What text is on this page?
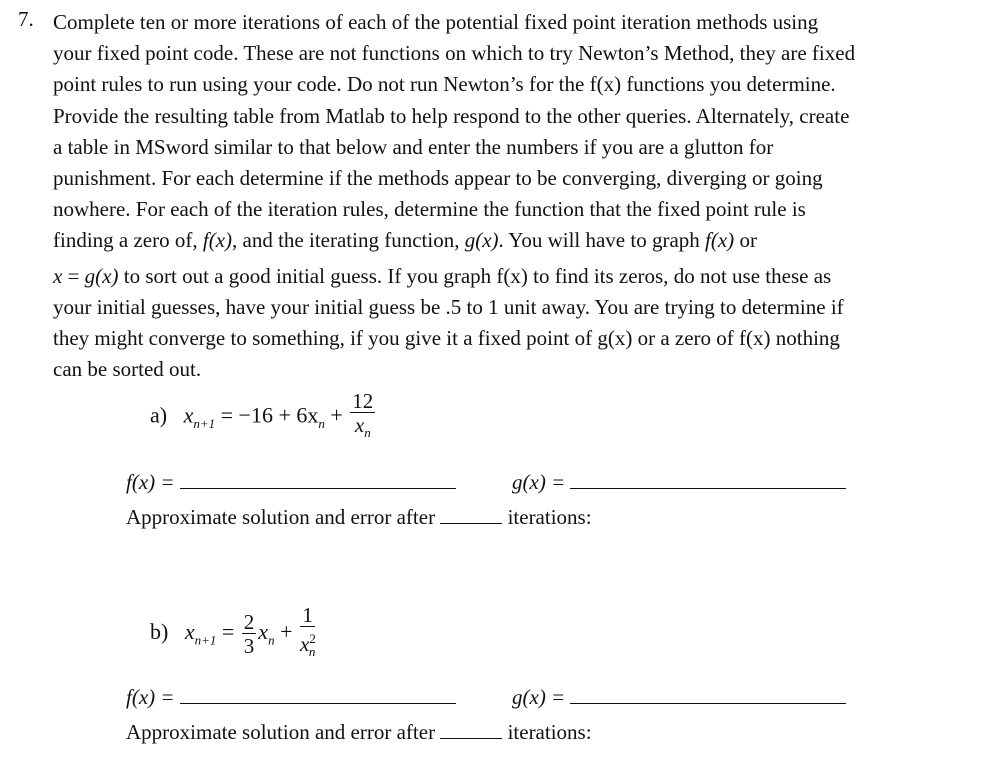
7. Complete ten or more iterations of each of the potential fixed point iteration methods using

your fixed point code. These are not functions on which to try Newton’s Method, they are fixed

point rules to run using your code. Do not run Newton’s for the f(x) functions you determine.

Provide the resulting table from Matlab to help respond to the other queries. Alternately, create

a table in MSword similar to that below and enter the numbers if you are a glutton for

punishment. For each determine if the methods appear to be converging, diverging or going

nowhere. For each of the iteration rules, determine the function that the fixed point rule is

finding a zero of, f(x), and the iterating function, g(x). You will have to graph f(x) or

x = g(x) to sort out a good initial guess. If you graph f(x) to find its zeros, do not use these as

your initial guesses, have your initial guess be .5 to 1 unit away. You are trying to determine if

they might converge to something, if you give it a fixed point of g(x) or a zero of f(x) nothing

can be sorted out.

a) $x_{n+1} = -16 + 6x_n + \frac{12}{x_n}$
f(x) =	g(x) =
Approximate solution and error after	iterations:
b) $x_{n+1} = \frac{2}{3} x_n + \frac{1}{x^2_n}$
f(x) =	g(x) =
Approximate solution and error after	iterations:
